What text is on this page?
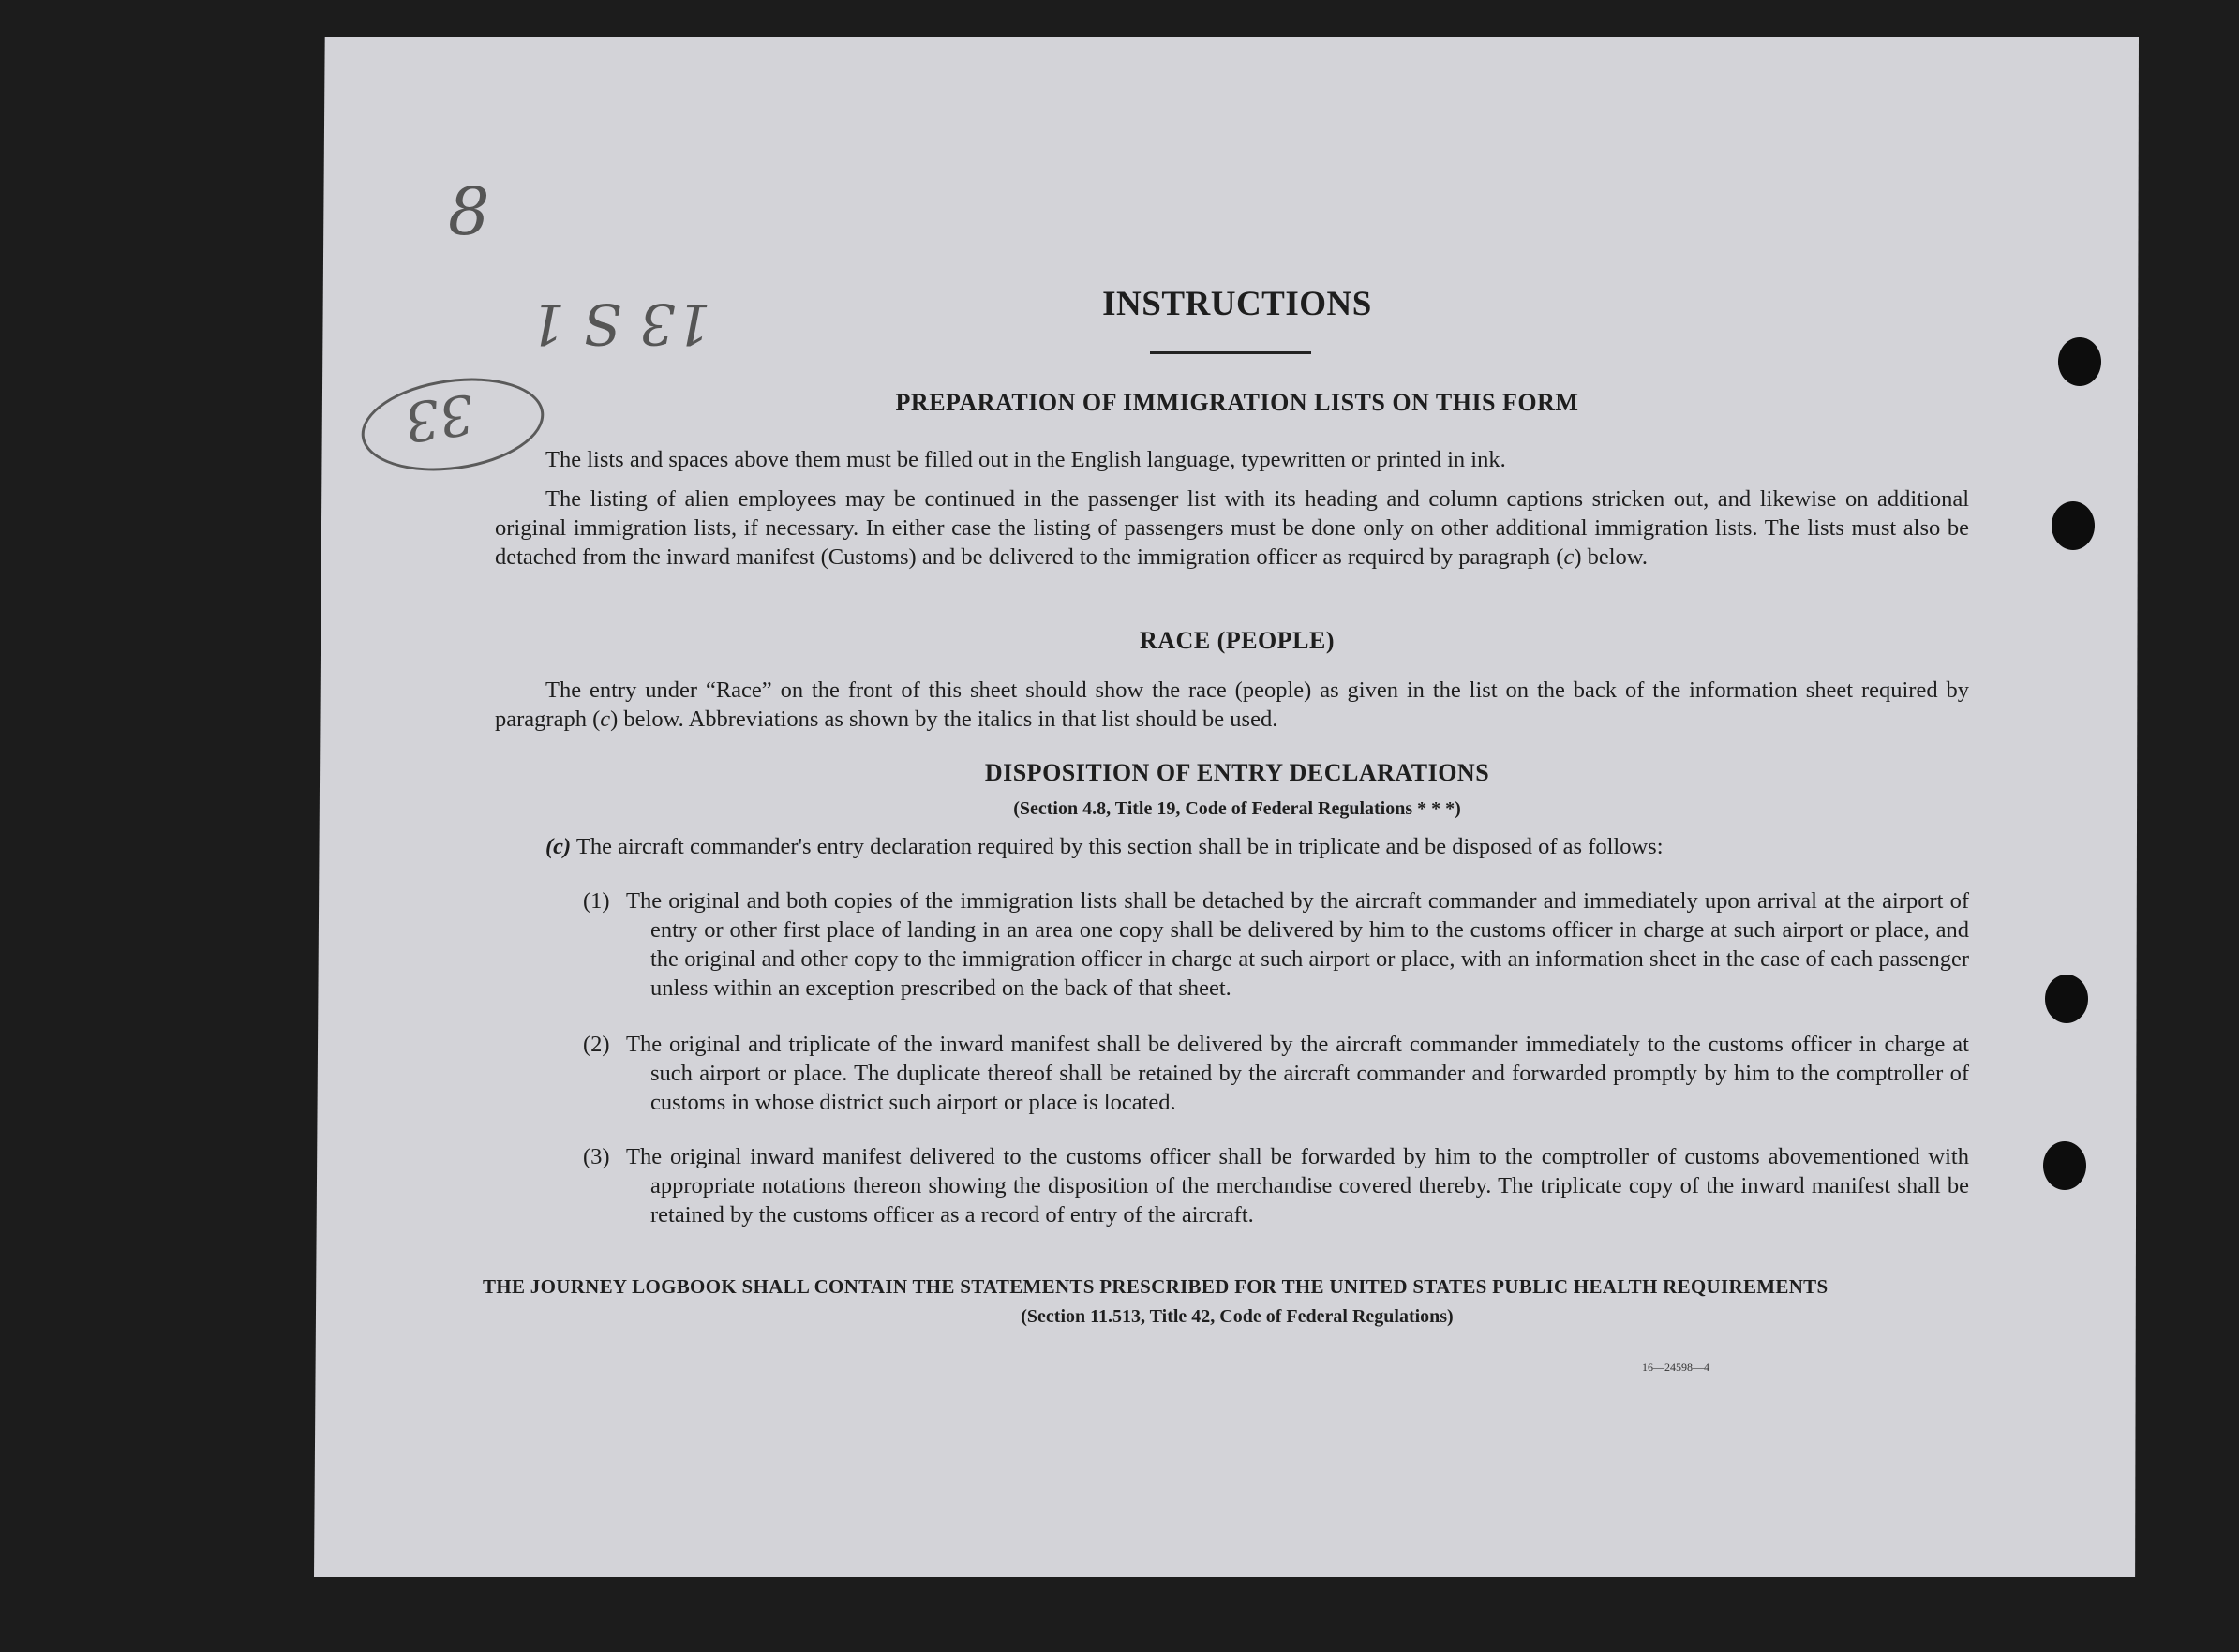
8
13 S 1
33
INSTRUCTIONS
PREPARATION OF IMMIGRATION LISTS ON THIS FORM
The lists and spaces above them must be filled out in the English language, typewritten or printed in ink.
The listing of alien employees may be continued in the passenger list with its heading and column captions stricken out, and likewise on additional original immigration lists, if necessary. In either case the listing of passengers must be done only on other additional immigration lists. The lists must also be detached from the inward manifest (Customs) and be delivered to the immigration officer as required by paragraph (c) below.
RACE (PEOPLE)
The entry under “Race” on the front of this sheet should show the race (people) as given in the list on the back of the information sheet required by paragraph (c) below. Abbreviations as shown by the italics in that list should be used.
DISPOSITION OF ENTRY DECLARATIONS
(Section 4.8, Title 19, Code of Federal Regulations * * *)
(c) The aircraft commander's entry declaration required by this section shall be in triplicate and be disposed of as follows:
(1) The original and both copies of the immigration lists shall be detached by the aircraft commander and immediately upon arrival at the airport of entry or other first place of landing in an area one copy shall be delivered by him to the customs officer in charge at such airport or place, and the original and other copy to the immigration officer in charge at such airport or place, with an information sheet in the case of each passenger unless within an exception prescribed on the back of that sheet.
(2) The original and triplicate of the inward manifest shall be delivered by the aircraft commander immediately to the customs officer in charge at such airport or place. The duplicate thereof shall be retained by the aircraft commander and forwarded promptly by him to the comptroller of customs in whose district such airport or place is located.
(3) The original inward manifest delivered to the customs officer shall be forwarded by him to the comptroller of customs abovementioned with appropriate notations thereon showing the disposition of the merchandise covered thereby. The triplicate copy of the inward manifest shall be retained by the customs officer as a record of entry of the aircraft.
THE JOURNEY LOGBOOK SHALL CONTAIN THE STATEMENTS PRESCRIBED FOR THE UNITED STATES PUBLIC HEALTH REQUIREMENTS
(Section 11.513, Title 42, Code of Federal Regulations)
16—24598—4
